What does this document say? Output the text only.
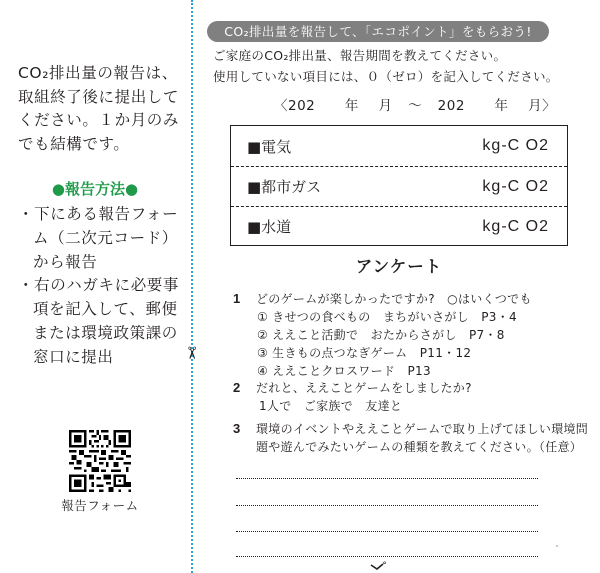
CO₂排出量の報告は、
取組終了後に提出して
ください。１か月のみ
でも結構です。
●報告方法●
・下にある報告フォー
ム（二次元コード）
から報告
・右のハガキに必要事
項を記入して、郵便
または環境政策課の
窓口に提出
報告フォーム
✂
CO₂排出量を報告して、「エコポイント」をもらおう!
ご家庭のCO₂排出量、報告期間を教えてください。
使用していない項目には、０（ゼロ）を記入してください。
〈202 年 月 〜 202 年 月〉
■電気	kg-C O2
■都市ガス	kg-C O2
■水道	kg-C O2
アンケート
1 どのゲームが楽しかったですか?　○はいくつでも
① きせつの食べもの　まちがいさがし　P3・4
② ええこと活動で　おたからさがし　P7・8
③ 生きもの点つなぎゲーム　P11・12
④ ええことクロスワード　P13
2 だれと、ええことゲームをしましたか?
1人で　ご家族で　友達と
3 環境のイベントやええことゲームで取り上げてほしい環境問
題や遊んでみたいゲームの種類を教えてください。（任意）
